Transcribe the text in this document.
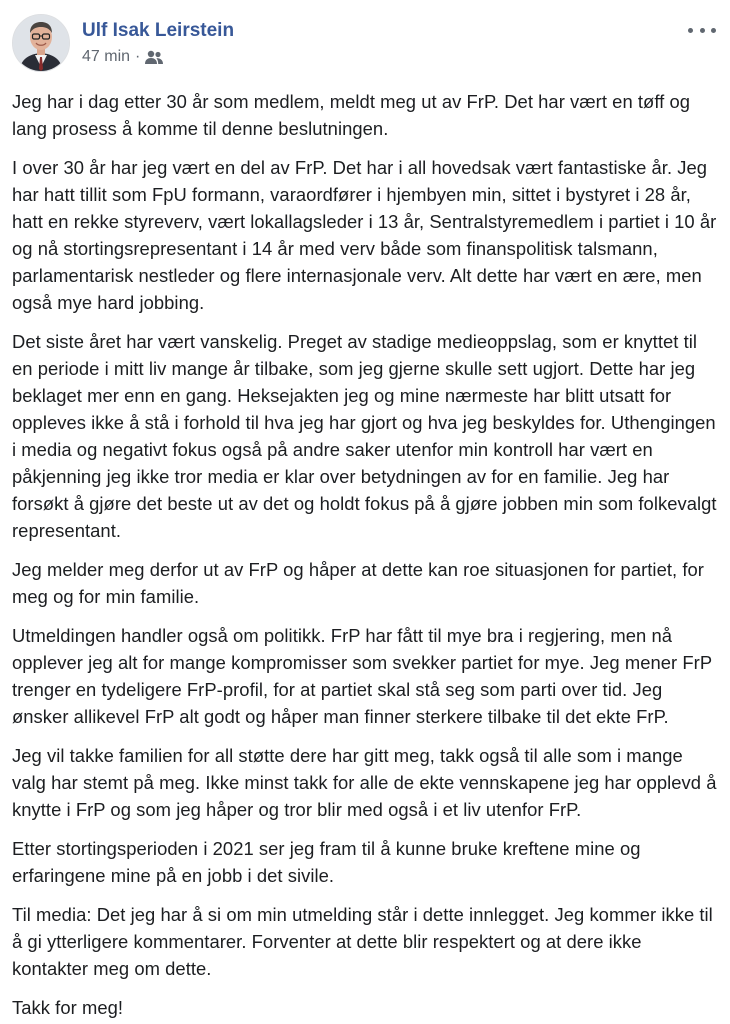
Ulf Isak Leirstein
47 min ·

Jeg har i dag etter 30 år som medlem, meldt meg ut av FrP. Det har vært en tøff og lang prosess å komme til denne beslutningen.

I over 30 år har jeg vært en del av FrP. Det har i all hovedsak vært fantastiske år. Jeg har hatt tillit som FpU formann, varaordfører i hjembyen min, sittet i bystyret i 28 år, hatt en rekke styreverv, vært lokallagsleder i 13 år, Sentralstyremedlem i partiet i 10 år og nå stortingsrepresentant i 14 år med verv både som finanspolitisk talsmann, parlamentarisk nestleder og flere internasjonale verv. Alt dette har vært en ære, men også mye hard jobbing.

Det siste året har vært vanskelig. Preget av stadige medieoppslag, som er knyttet til en periode i mitt liv mange år tilbake, som jeg gjerne skulle sett ugjort. Dette har jeg beklaget mer enn en gang. Heksejakten jeg og mine nærmeste har blitt utsatt for oppleves ikke å stå i forhold til hva jeg har gjort og hva jeg beskyldes for. Uthengingen i media og negativt fokus også på andre saker utenfor min kontroll har vært en påkjenning jeg ikke tror media er klar over betydningen av for en familie. Jeg har forsøkt å gjøre det beste ut av det og holdt fokus på å gjøre jobben min som folkevalgt representant.

Jeg melder meg derfor ut av FrP og håper at dette kan roe situasjonen for partiet, for meg og for min familie.

Utmeldingen handler også om politikk. FrP har fått til mye bra i regjering, men nå opplever jeg alt for mange kompromisser som svekker partiet for mye. Jeg mener FrP trenger en tydeligere FrP-profil, for at partiet skal stå seg som parti over tid. Jeg ønsker allikevel FrP alt godt og håper man finner sterkere tilbake til det ekte FrP.

Jeg vil takke familien for all støtte dere har gitt meg, takk også til alle som i mange valg har stemt på meg. Ikke minst takk for alle de ekte vennskapene jeg har opplevd å knytte i FrP og som jeg håper og tror blir med også i et liv utenfor FrP.

Etter stortingsperioden i 2021 ser jeg fram til å kunne bruke kreftene mine og erfaringene mine på en jobb i det sivile.

Til media: Det jeg har å si om min utmelding står i dette innlegget. Jeg kommer ikke til å gi ytterligere kommentarer. Forventer at dette blir respektert og at dere ikke kontakter meg om dette.

Takk for meg!
